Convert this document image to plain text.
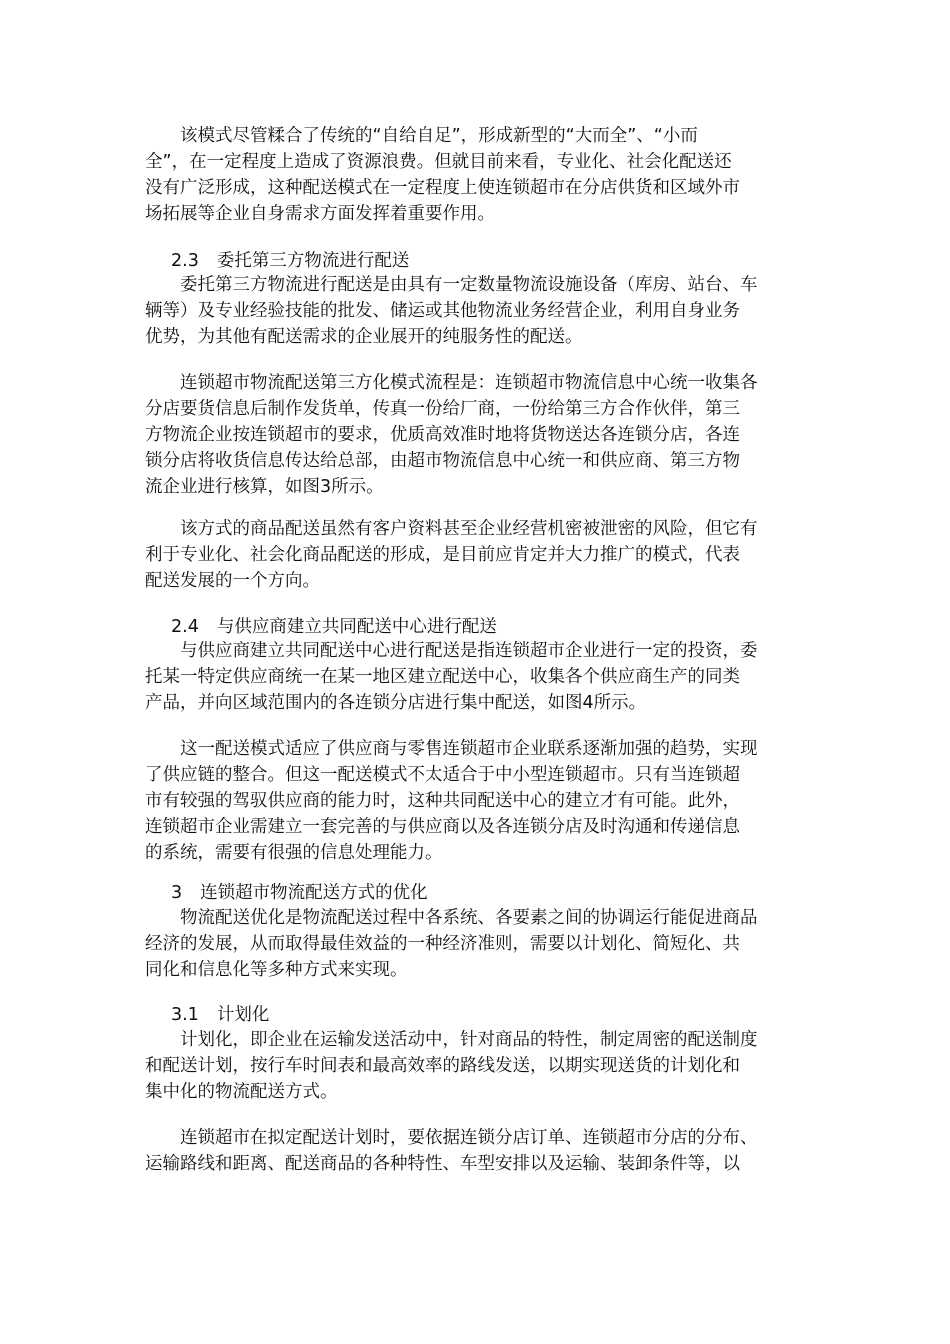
　　该模式尽管糅合了传统的“自给自足”，形成新型的“大而全”、“小而
全”，在一定程度上造成了资源浪费。但就目前来看，专业化、社会化配送还
没有广泛形成，这种配送模式在一定程度上使连锁超市在分店供货和区域外市
场拓展等企业自身需求方面发挥着重要作用。
2.3 委托第三方物流进行配送
　　委托第三方物流进行配送是由具有一定数量物流设施设备（库房、站台、车
辆等）及专业经验技能的批发、储运或其他物流业务经营企业，利用自身业务
优势，为其他有配送需求的企业展开的纯服务性的配送。
　　连锁超市物流配送第三方化模式流程是：连锁超市物流信息中心统一收集各
分店要货信息后制作发货单，传真一份给厂商，一份给第三方合作伙伴，第三
方物流企业按连锁超市的要求，优质高效准时地将货物送达各连锁分店，各连
锁分店将收货信息传达给总部，由超市物流信息中心统一和供应商、第三方物
流企业进行核算，如图3所示。
　　该方式的商品配送虽然有客户资料甚至企业经营机密被泄密的风险，但它有
利于专业化、社会化商品配送的形成，是目前应肯定并大力推广的模式，代表
配送发展的一个方向。
2.4 与供应商建立共同配送中心进行配送
　　与供应商建立共同配送中心进行配送是指连锁超市企业进行一定的投资，委
托某一特定供应商统一在某一地区建立配送中心，收集各个供应商生产的同类
产品，并向区域范围内的各连锁分店进行集中配送，如图4所示。
　　这一配送模式适应了供应商与零售连锁超市企业联系逐渐加强的趋势，实现
了供应链的整合。但这一配送模式不太适合于中小型连锁超市。只有当连锁超
市有较强的驾驭供应商的能力时，这种共同配送中心的建立才有可能。此外，
连锁超市企业需建立一套完善的与供应商以及各连锁分店及时沟通和传递信息
的系统，需要有很强的信息处理能力。
3 连锁超市物流配送方式的优化
　　物流配送优化是物流配送过程中各系统、各要素之间的协调运行能促进商品
经济的发展，从而取得最佳效益的一种经济准则，需要以计划化、简短化、共
同化和信息化等多种方式来实现。
3.1 计划化
　　计划化，即企业在运输发送活动中，针对商品的特性，制定周密的配送制度
和配送计划，按行车时间表和最高效率的路线发送，以期实现送货的计划化和
集中化的物流配送方式。
　　连锁超市在拟定配送计划时，要依据连锁分店订单、连锁超市分店的分布、
运输路线和距离、配送商品的各种特性、车型安排以及运输、装卸条件等，以
